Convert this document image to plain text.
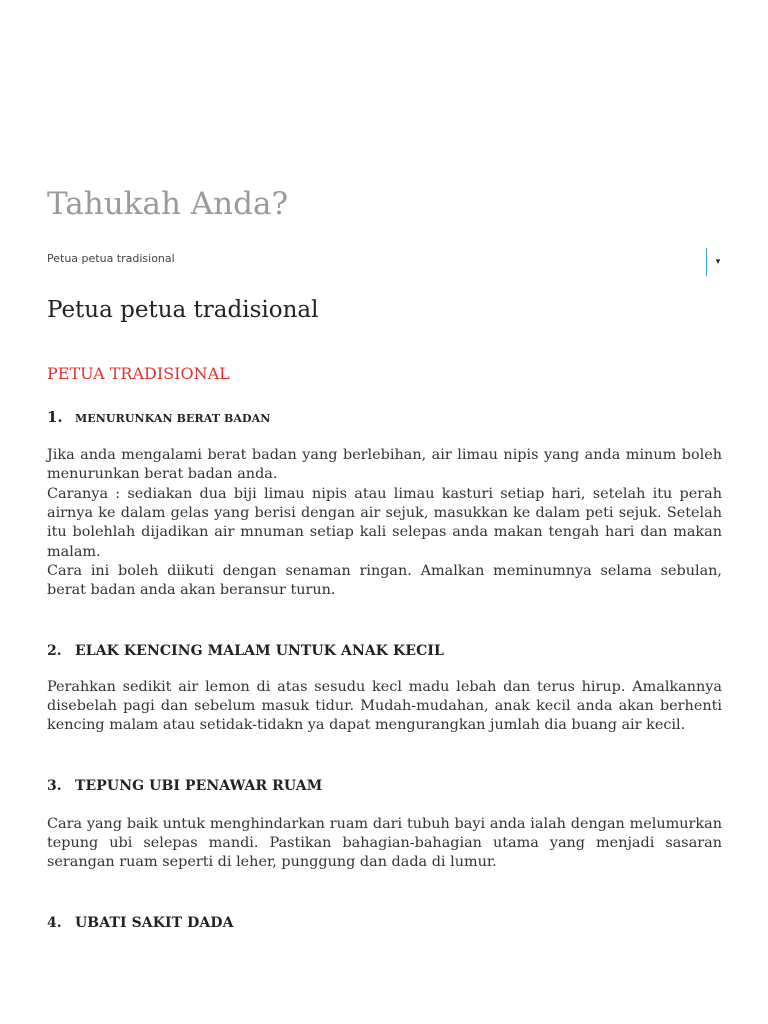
Tahukah Anda?
Petua petua tradisional	▾
Petua petua tradisional
PETUA TRADISIONAL
1. MENURUNKAN BERAT BADAN

Jika anda mengalami berat badan yang berlebihan, air limau nipis yang anda minum boleh menurunkan berat badan anda.

Caranya : sediakan dua biji limau nipis atau limau kasturi setiap hari, setelah itu perah airnya ke dalam gelas yang berisi dengan air sejuk, masukkan ke dalam peti sejuk. Setelah itu bolehlah dijadikan air mnuman setiap kali selepas anda makan tengah hari dan makan malam.

Cara ini boleh diikuti dengan senaman ringan. Amalkan meminumnya selama sebulan, berat badan anda akan beransur turun.

2. ELAK KENCING MALAM UNTUK ANAK KECIL

Perahkan sedikit air lemon di atas sesudu kecl madu lebah dan terus hirup. Amalkannya disebelah pagi dan sebelum masuk tidur. Mudah-mudahan, anak kecil anda akan berhenti kencing malam atau setidak-tidakn ya dapat mengurangkan jumlah dia buang air kecil.

3. TEPUNG UBI PENAWAR RUAM

Cara yang baik untuk menghindarkan ruam dari tubuh bayi anda ialah dengan melumurkan tepung ubi selepas mandi. Pastikan bahagian-bahagian utama yang menjadi sasaran serangan ruam seperti di leher, punggung dan dada di lumur.

4. UBATI SAKIT DADA
